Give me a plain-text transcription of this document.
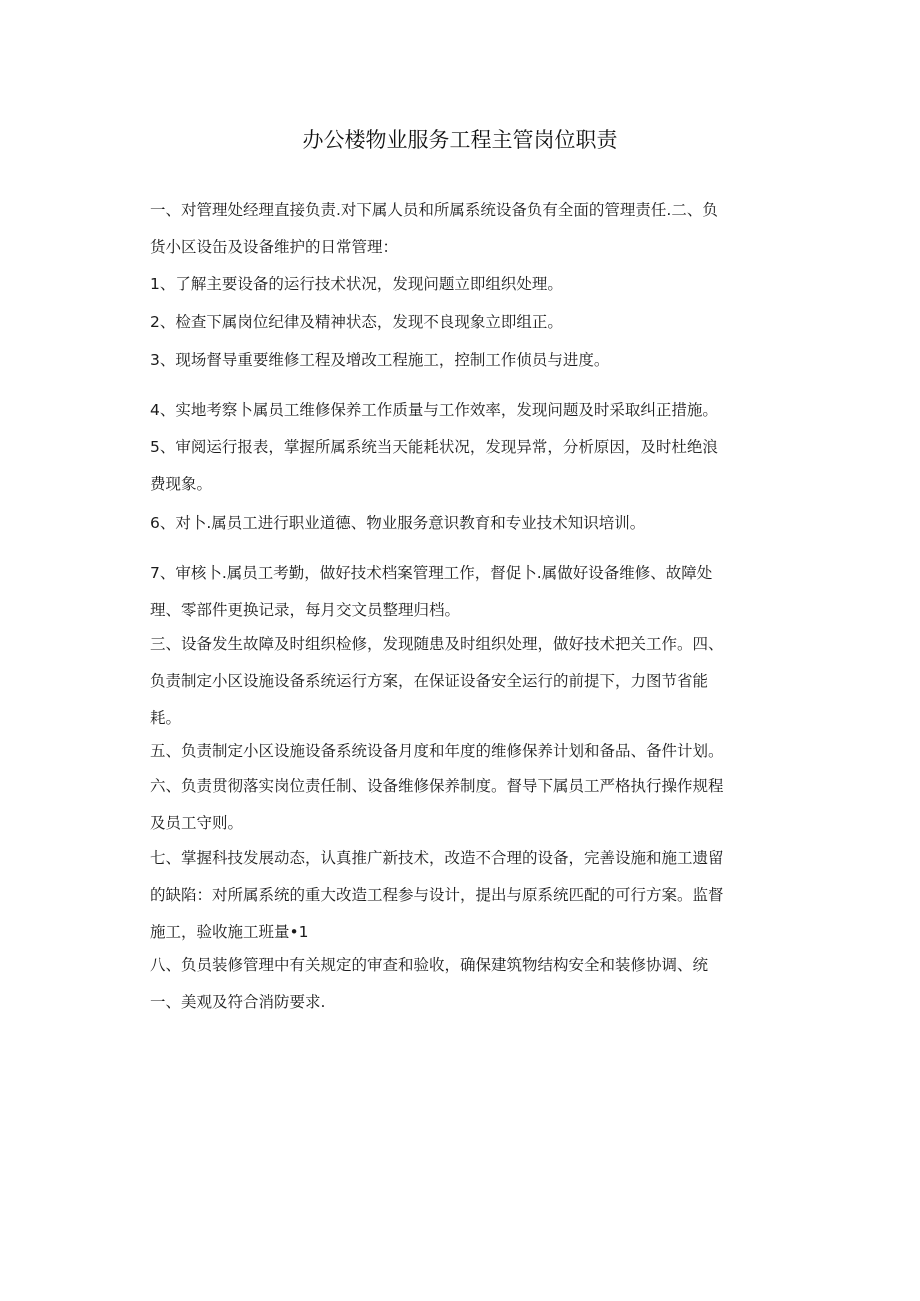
办公楼物业服务工程主管岗位职责
一、对管理处经理直接负责.对下属人员和所属系统设备负有全面的管理责任.二、负
货小区设缶及设备维护的日常管理：
1、了解主要设备的运行技术状况，发现问题立即组织处理。
2、检查下属岗位纪律及精神状态，发现不良现象立即组正。
3、现场督导重要维修工程及增改工程施工，控制工作侦员与进度。
4、实地考察卜属员工维修保养工作质量与工作效率，发现问题及时采取纠正措施。
5、审阅运行报表，掌握所属系统当天能耗状况，发现异常，分析原因，及时杜绝浪
费现象。
6、对卜.属员工进行职业道德、物业服务意识教育和专业技术知识培训。
7、审核卜.属员工考勤，做好技术档案管理工作，督促卜.属做好设备维修、故障处
理、零部件更换记录，每月交文员整理归档。
三、设备发生故障及时组织检修，发现随患及时组织处理，做好技术把关工作。四、
负责制定小区设施设备系统运行方案，在保证设备安全运行的前提下，力图节省能
耗。
五、负责制定小区设施设备系统设备月度和年度的维修保养计划和备品、备件计划。
六、负责贯彻落实岗位责任制、设备维修保养制度。督导下属员工严格执行操作规程
及员工守则。
七、掌握科技发展动态，认真推广新技术，改造不合理的设备，完善设施和施工遗留
的缺陷：对所属系统的重大改造工程参与设计，提出与原系统匹配的可行方案。监督
施工，验收施工班量•1
八、负员装修管理中有关规定的审查和验收，确保建筑物结构安全和装修协调、统
一、美观及符合消防要求.
